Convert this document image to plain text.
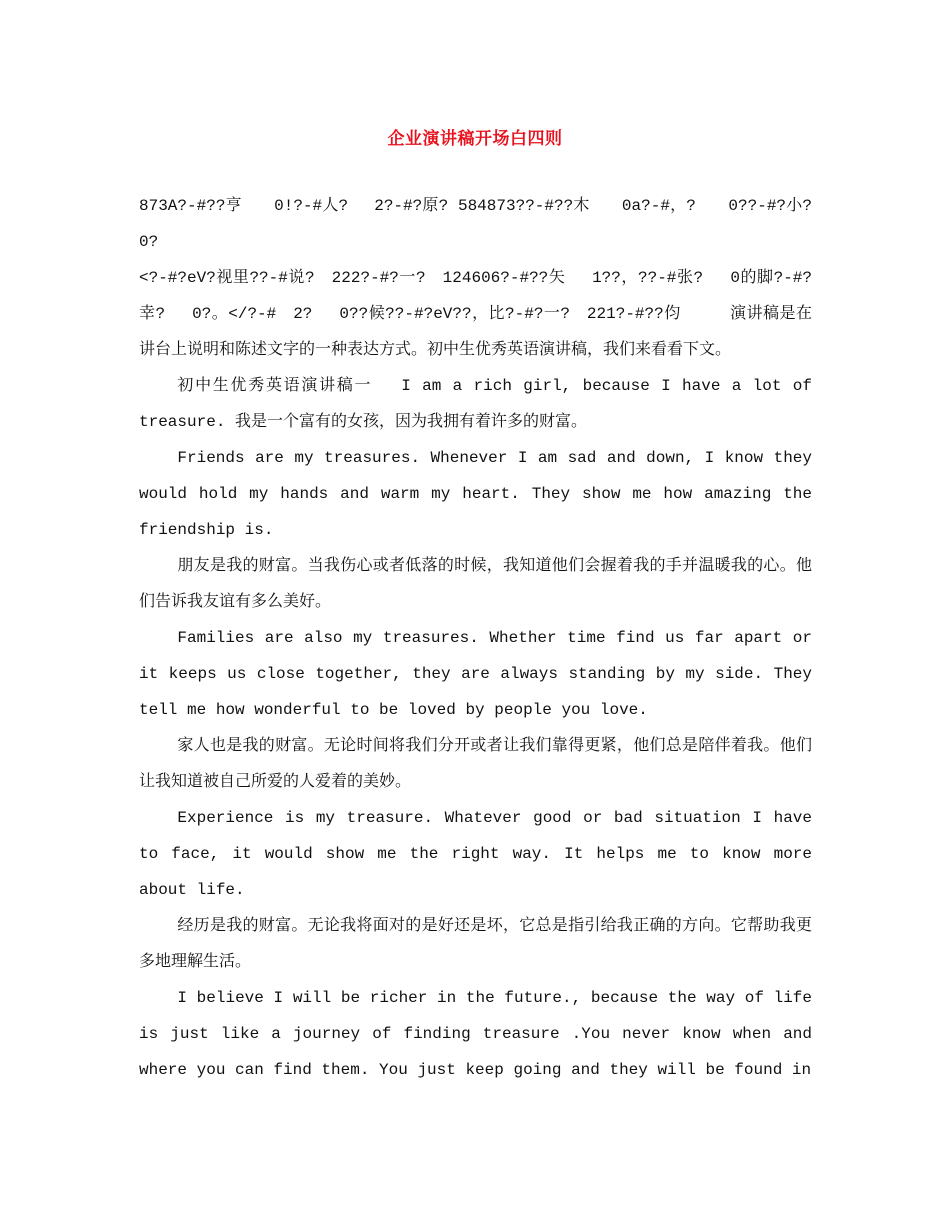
企业演讲稿开场白四则

873A?-#??亨　　0!?-#人?　 2?-#?原? 584873??-#??木　　0a?-#，?　　0??-#?小?　0?

<?-#?eV?视里??-#说?　222?-#?一?　124606?-#??矢　 1??，??-#张?　 0的脚?-#?幸?　 0?。</?-#　2?　 0??候??-#?eV??，比?-#?一?　221?-#??伨　　　演讲稿是在讲台上说明和陈述文字的一种表达方式。初中生优秀英语演讲稿，我们来看看下文。

初中生优秀英语演讲稿一　 I am a rich girl, because I have a lot of treasure. 我是一个富有的女孩，因为我拥有着许多的财富。

Friends are my treasures. Whenever I am sad and down, I know they would hold my hands and warm my heart. They show me how amazing the friendship is.

朋友是我的财富。当我伤心或者低落的时候，我知道他们会握着我的手并温暖我的心。他们告诉我友谊有多么美好。

Families are also my treasures. Whether time find us far apart or it keeps us close together, they are always standing by my side. They tell me how wonderful to be loved by people you love.

家人也是我的财富。无论时间将我们分开或者让我们靠得更紧，他们总是陪伴着我。他们让我知道被自己所爱的人爱着的美妙。

Experience is my treasure. Whatever good or bad situation I have to face, it would show me the right way. It helps me to know more about life.

经历是我的财富。无论我将面对的是好还是坏，它总是指引给我正确的方向。它帮助我更多地理解生活。

I believe I will be richer in the future., because the way of life is just like a journey of finding treasure .You never know when and where you can find them. You just keep going and they will be found in
